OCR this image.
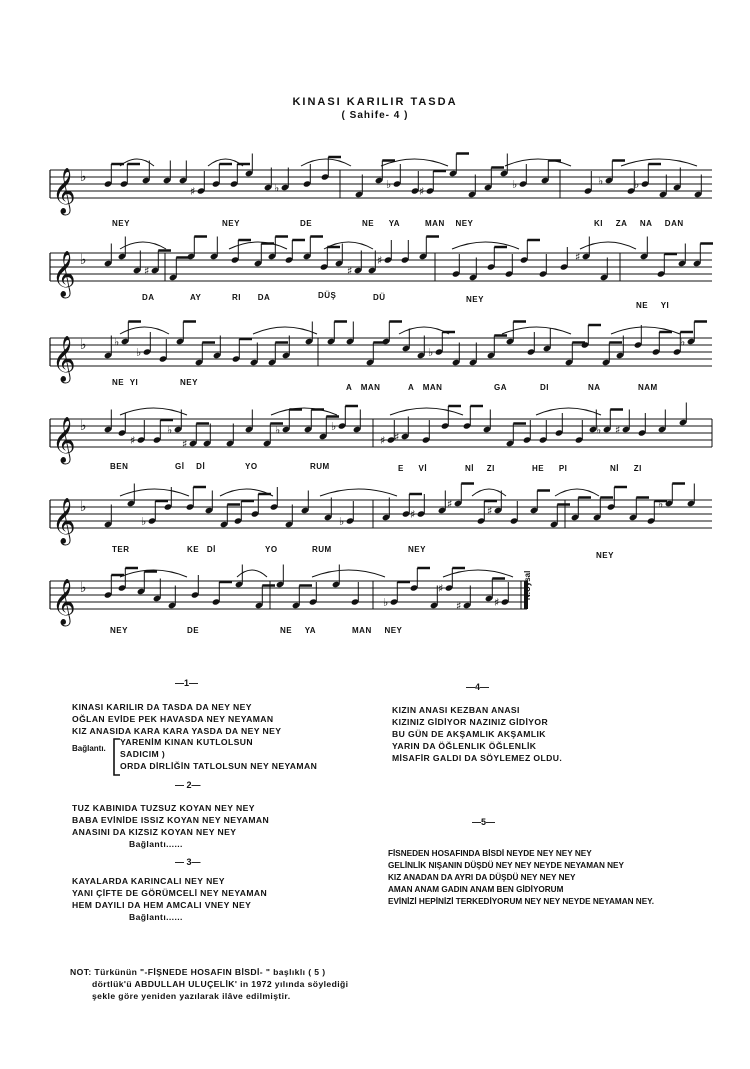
KINASI KARILIR TASDA
( Sahife- 4 )
𝄞 ♭
♯	♭	♭
♯
♭	♭	♭
𝄞 ♭
♯	♯
♯	♯
𝄞 ♭ ♭
♭	♭
♭
𝄞 ♭
♯
♭
♯
♭	♭
♯ ♯
♭ ♯
𝄞 ♭
♭	♭
♯
♯
♯
♭
𝄞 ♭
♭
♯
♯	♯
NEY	NEY	DE	NE YA	MAN NEY	KI ZA NA DAN
DA	AY	RI DA	DÜŞ	DÜ	NEY
NE YI
NE YI	NEY
A MAN	A MAN	GA	DI	NA	NAM
BEN	Gİ Dİ	YO	RUM	E Vİ	Nİ ZI	HE PI	Nİ ZI
TER	KE Dİ	YO	RUM	NEY
NEY
NEY	DE	NE YA	MAN NEY
N.Uysal
—1—
KINASI KARILIR DA TASDA DA NEY NEY
OĞLAN EVİDE PEK HAVASDA NEY NEYAMAN
KIZ ANASIDA KARA KARA YASDA DA NEY NEY
Bağlantı.
YARENİM KINAN KUTLOLSUN
SADICIM )
ORDA DİRLİĞİN TATLOLSUN NEY NEYAMAN
— 2—
TUZ KABINIDA TUZSUZ KOYAN NEY NEY
BABA EVİNİDE ISSIZ KOYAN NEY NEYAMAN
ANASINI DA KIZSIZ KOYAN NEY NEY
Bağlantı......
— 3—
KAYALARDA KARINCALI NEY NEY
YANI ÇİFTE DE GÖRÜMCELİ NEY NEYAMAN
HEM DAYILI DA HEM AMCALI VNEY NEY
Bağlantı......
—4—
KIZIN ANASI KEZBAN ANASI
KIZINIZ GİDİYOR NAZINIZ GİDİYOR
BU GÜN DE AKŞAMLIK AKŞAMLIK
YARIN DA ÖĞLENLIK ÖĞLENLİK
MİSAFİR GALDI DA SÖYLEMEZ OLDU.
—5—
FİSNEDEN HOSAFINDA BİSDİ NEYDE NEY NEY NEY
GELİNLİK NIŞANIN DÜŞDÜ NEY NEY NEYDE NEYAMAN NEY
KIZ ANADAN DA AYRI DA DÜŞDÜ NEY NEY NEY
AMAN ANAM GADIN ANAM BEN GİDİYORUM
EVİNİZİ HEPİNİZİ TERKEDİYORUM NEY NEY NEYDE NEYAMAN NEY.
NOT: Türkünün "-FİŞNEDE HOSAFIN BİSDİ- " başlıklı ( 5 )
dörtlük'ü ABDULLAH ULUÇELİK' in 1972 yılında söylediği
şekle göre yeniden yazılarak ilâve edilmiştir.
